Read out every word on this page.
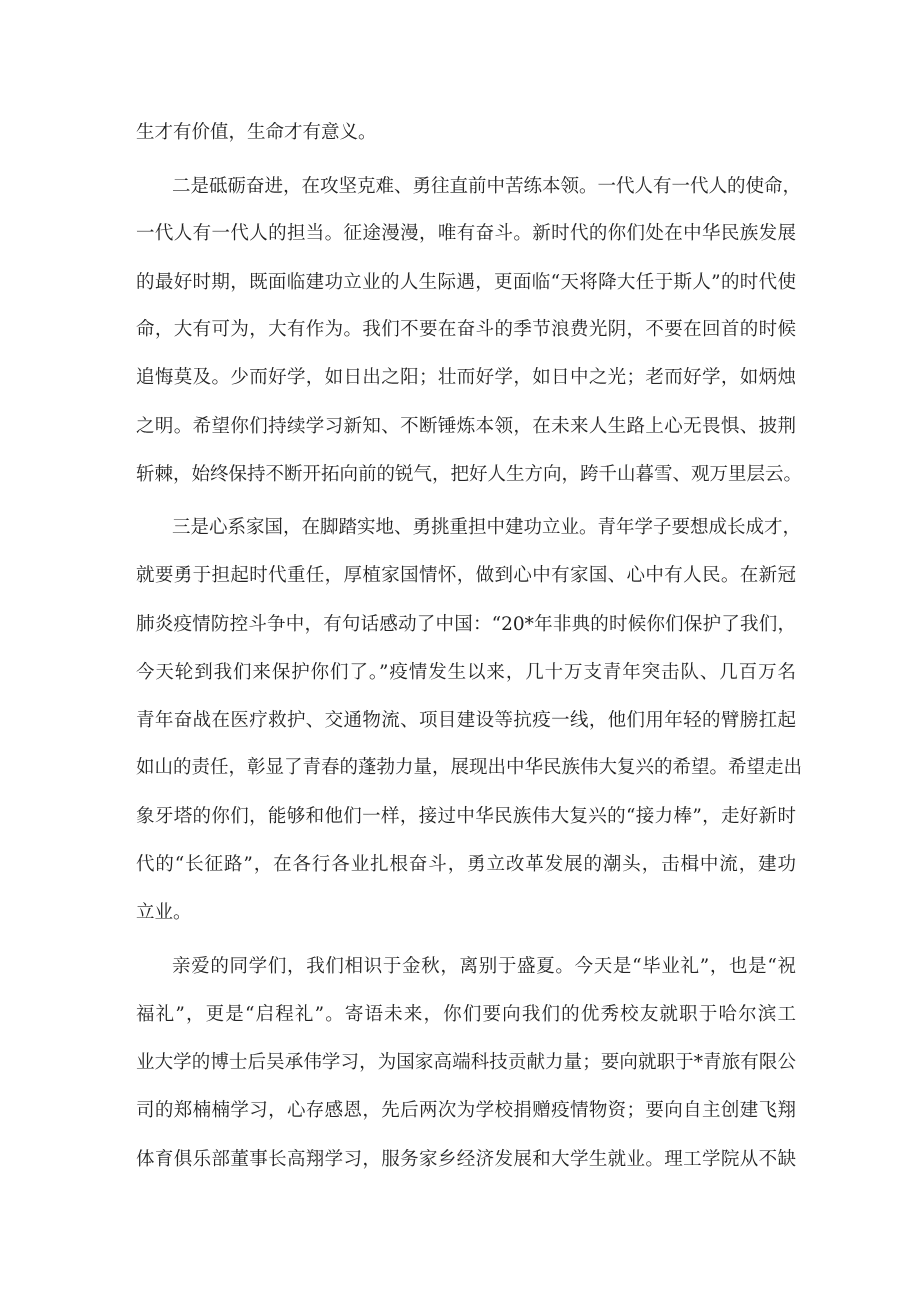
生才有价值，生命才有意义。
二是砥砺奋进，在攻坚克难、勇往直前中苦练本领。一代人有一代人的使命，
一代人有一代人的担当。征途漫漫，唯有奋斗。新时代的你们处在中华民族发展
的最好时期，既面临建功立业的人生际遇，更面临“天将降大任于斯人”的时代使
命，大有可为，大有作为。我们不要在奋斗的季节浪费光阴，不要在回首的时候
追悔莫及。少而好学，如日出之阳；壮而好学，如日中之光；老而好学，如炳烛
之明。希望你们持续学习新知、不断锤炼本领，在未来人生路上心无畏惧、披荆
斩棘，始终保持不断开拓向前的锐气，把好人生方向，跨千山暮雪、观万里层云。
三是心系家国，在脚踏实地、勇挑重担中建功立业。青年学子要想成长成才，
就要勇于担起时代重任，厚植家国情怀，做到心中有家国、心中有人民。在新冠
肺炎疫情防控斗争中，有句话感动了中国：“20*年非典的时候你们保护了我们，
今天轮到我们来保护你们了。”疫情发生以来，几十万支青年突击队、几百万名
青年奋战在医疗救护、交通物流、项目建设等抗疫一线，他们用年轻的臂膀扛起
如山的责任，彰显了青春的蓬勃力量，展现出中华民族伟大复兴的希望。希望走出
象牙塔的你们，能够和他们一样，接过中华民族伟大复兴的“接力棒”，走好新时
代的“长征路”，在各行各业扎根奋斗，勇立改革发展的潮头，击楫中流，建功
立业。
亲爱的同学们，我们相识于金秋，离别于盛夏。今天是“毕业礼”，也是“祝
福礼”，更是“启程礼”。寄语未来，你们要向我们的优秀校友就职于哈尔滨工
业大学的博士后吴承伟学习，为国家高端科技贡献力量；要向就职于*青旅有限公
司的郑楠楠学习，心存感恩，先后两次为学校捐赠疫情物资；要向自主创建飞翔
体育俱乐部董事长高翔学习，服务家乡经济发展和大学生就业。理工学院从不缺
